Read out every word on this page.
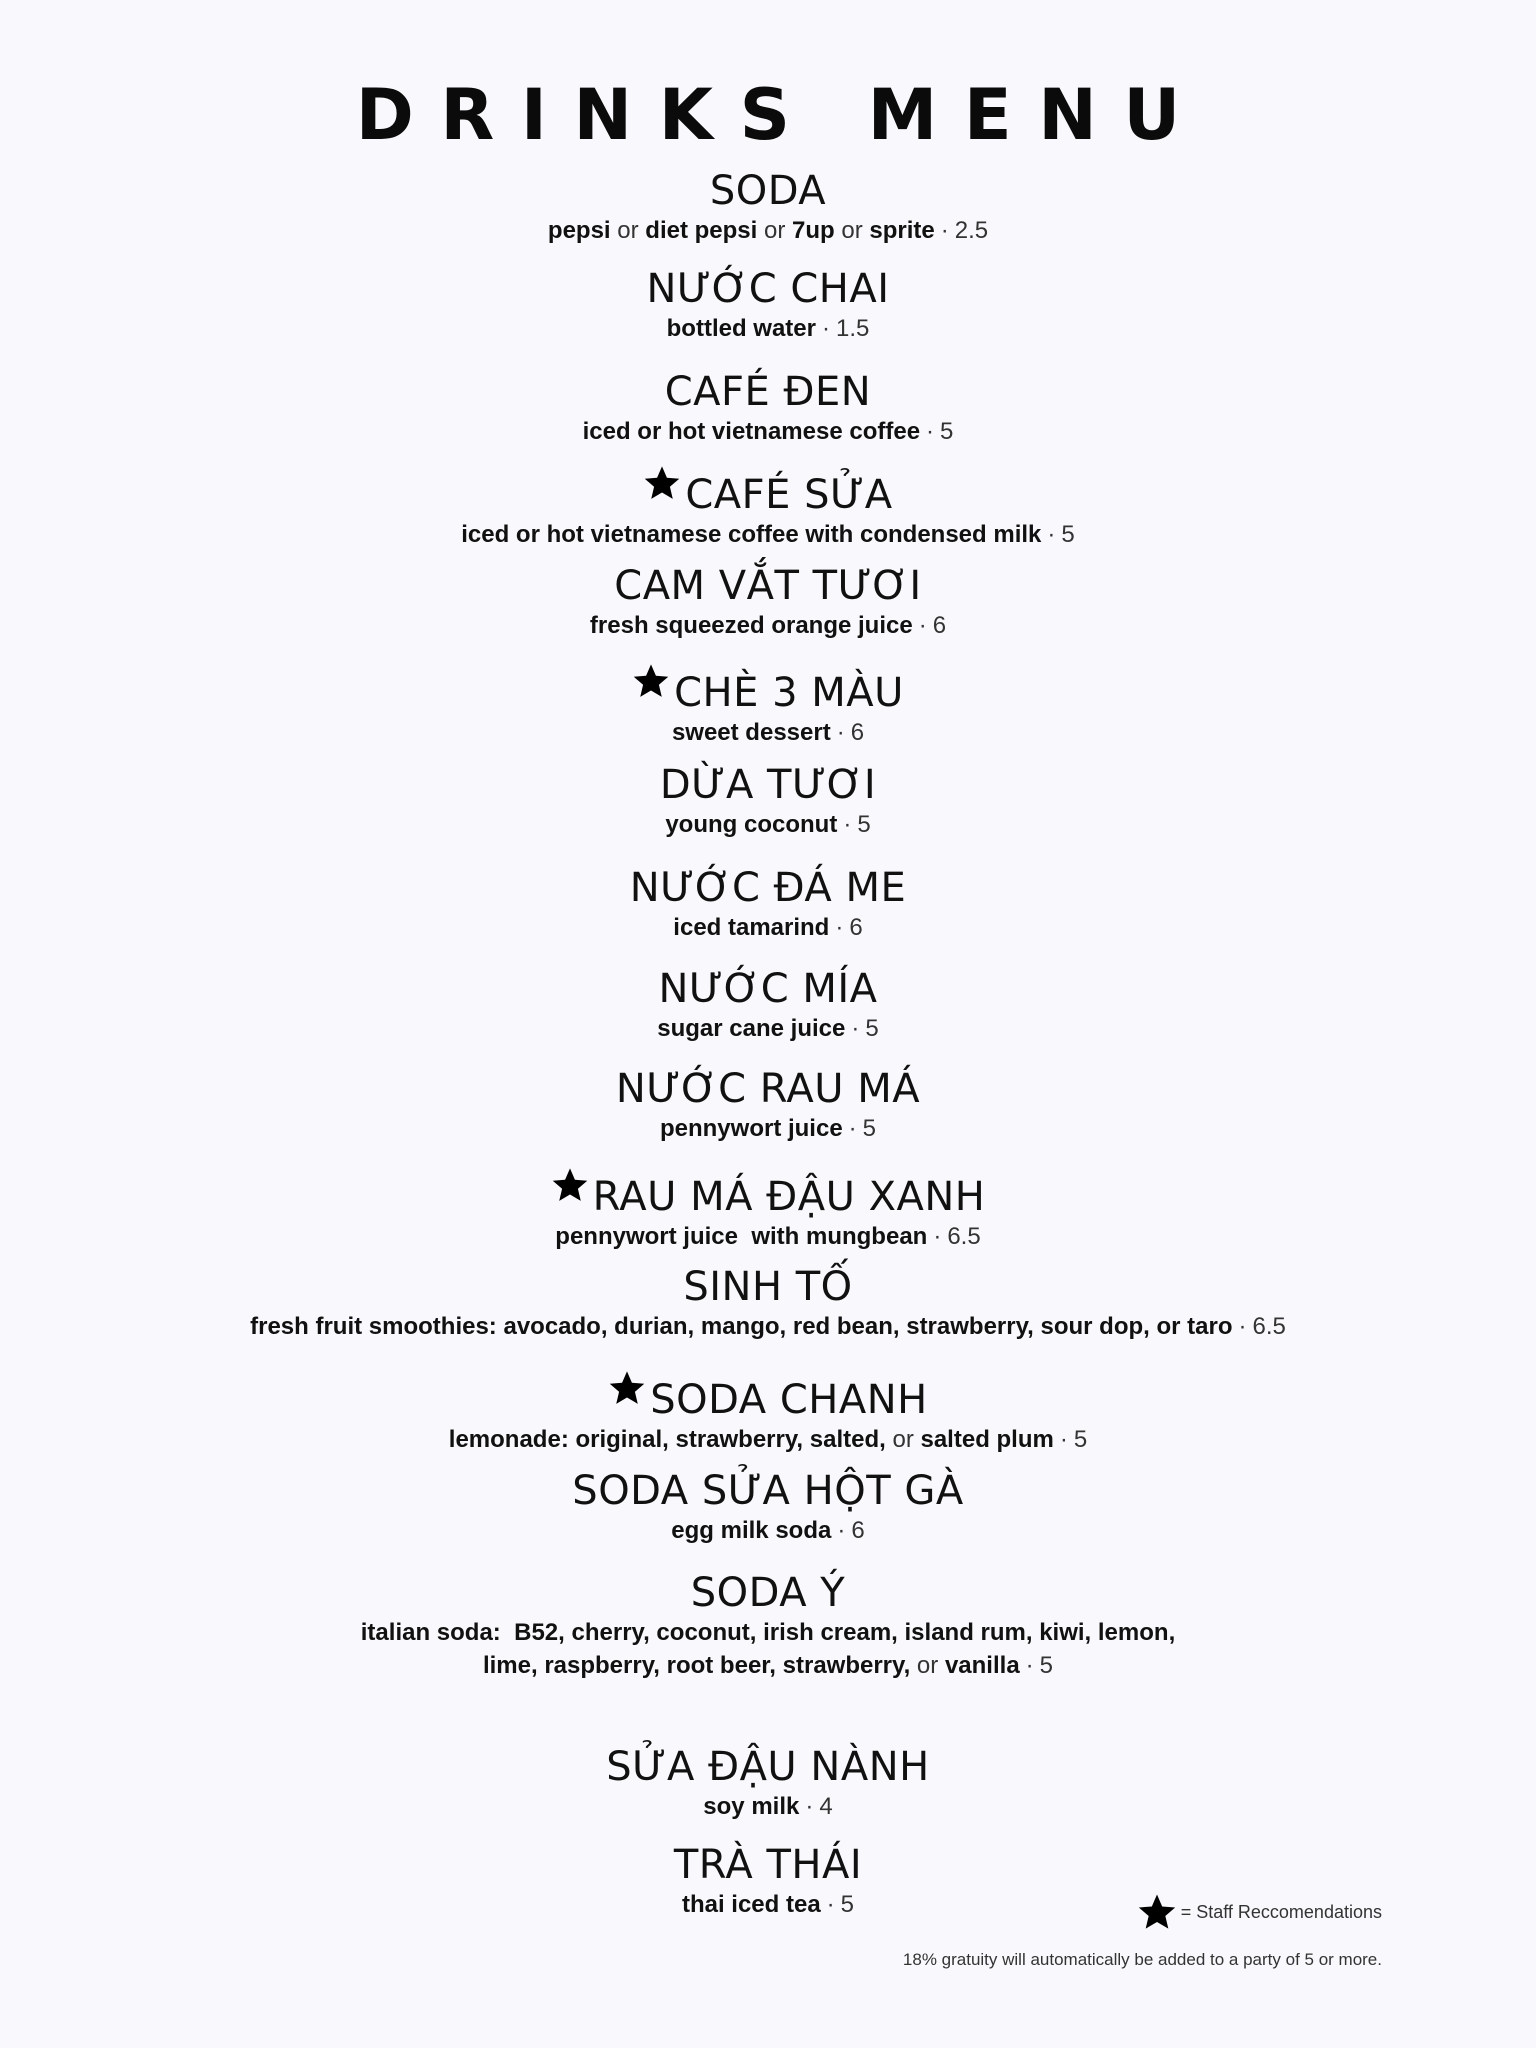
DRINKS MENU
SODA
pepsi or diet pepsi or 7up or sprite · 2.5
NƯỚC CHAI
bottled water · 1.5
CAFÉ ĐEN
iced or hot vietnamese coffee · 5
CAFÉ SỬA
iced or hot vietnamese coffee with condensed milk · 5
CAM VẮT TƯƠI
fresh squeezed orange juice · 6
CHÈ 3 MÀU
sweet dessert · 6
DỪA TƯƠI
young coconut · 5
NƯỚC ĐÁ ME
iced tamarind · 6
NƯỚC MÍA
sugar cane juice · 5
NƯỚC RAU MÁ
pennywort juice · 5
RAU MÁ ĐẬU XANH
pennywort juice  with mungbean · 6.5
SINH TỐ
fresh fruit smoothies: avocado, durian, mango, red bean, strawberry, sour dop, or taro · 6.5
SODA CHANH
lemonade: original, strawberry, salted, or salted plum · 5
SODA SỬA HỘT GÀ
egg milk soda · 6
SODA Ý
italian soda:  B52, cherry, coconut, irish cream, island rum, kiwi, lemon,
lime, raspberry, root beer, strawberry, or vanilla · 5
SỬA ĐẬU NÀNH
soy milk · 4
TRÀ THÁI
thai iced tea · 5	= Staff Reccomendations
18% gratuity will automatically be added to a party of 5 or more.
